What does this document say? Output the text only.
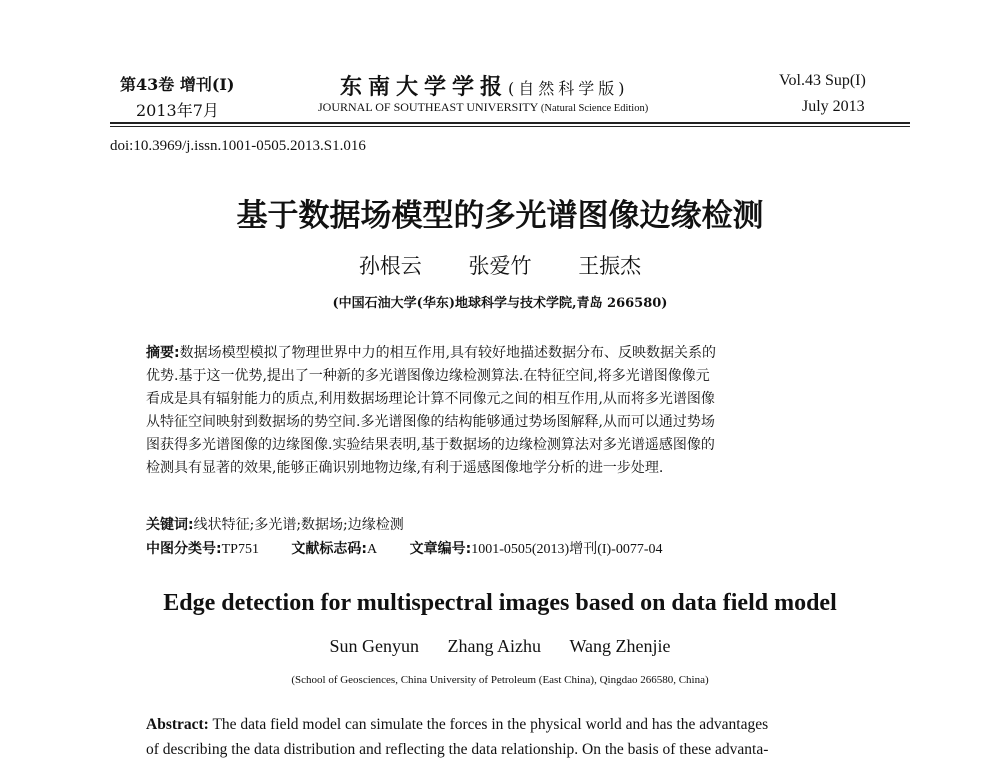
第43卷 增刊(I)
2013年7月
东南大学学报(自然科学版)
JOURNAL OF SOUTHEAST UNIVERSITY (Natural Science Edition)
Vol.43 Sup(I)
July 2013
doi:10.3969/j.issn.1001-0505.2013.S1.016
基于数据场模型的多光谱图像边缘检测
孙根云 张爱竹 王振杰
(中国石油大学(华东)地球科学与技术学院,青岛 266580)
摘要:数据场模型模拟了物理世界中力的相互作用,具有较好地描述数据分布、反映数据关系的
优势.基于这一优势,提出了一种新的多光谱图像边缘检测算法.在特征空间,将多光谱图像像元
看成是具有辐射能力的质点,利用数据场理论计算不同像元之间的相互作用,从而将多光谱图像
从特征空间映射到数据场的势空间.多光谱图像的结构能够通过势场图解释,从而可以通过势场
图获得多光谱图像的边缘图像.实验结果表明,基于数据场的边缘检测算法对多光谱遥感图像的
检测具有显著的效果,能够正确识别地物边缘,有利于遥感图像地学分析的进一步处理.
关键词:线状特征;多光谱;数据场;边缘检测
中图分类号:TP751 文献标志码:A 文章编号:1001-0505(2013)增刊(I)-0077-04
Edge detection for multispectral images based on data field model
Sun Genyun Zhang Aizhu Wang Zhenjie
(School of Geosciences, China University of Petroleum (East China), Qingdao 266580, China)
Abstract: The data field model can simulate the forces in the physical world and has the advantages
of describing the data distribution and reflecting the data relationship. On the basis of these advanta-
